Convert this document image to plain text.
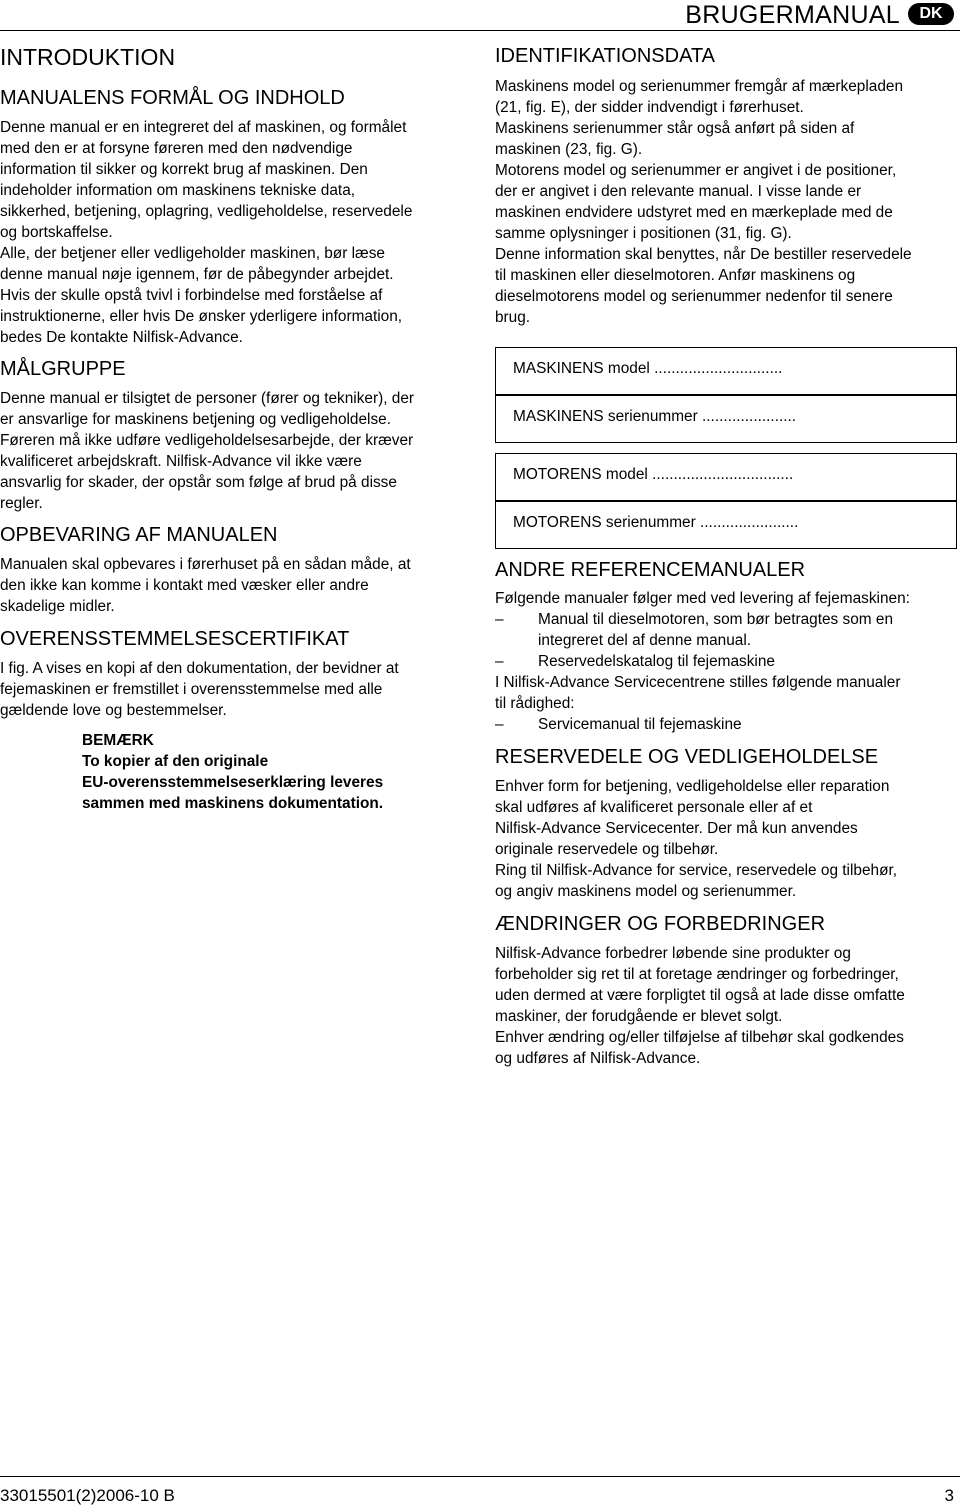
BRUGERMANUAL	DK
INTRODUKTION
MANUALENS FORMÅL OG INDHOLD
Denne manual er en integreret del af maskinen, og formålet
med den er at forsyne føreren med den nødvendige
information til sikker og korrekt brug af maskinen. Den
indeholder information om maskinens tekniske data,
sikkerhed, betjening, oplagring, vedligeholdelse, reservedele
og bortskaffelse.
Alle, der betjener eller vedligeholder maskinen, bør læse
denne manual nøje igennem, før de påbegynder arbejdet.
Hvis der skulle opstå tvivl i forbindelse med forståelse af
instruktionerne, eller hvis De ønsker yderligere information,
bedes De kontakte Nilfisk-Advance.
MÅLGRUPPE
Denne manual er tilsigtet de personer (fører og tekniker), der
er ansvarlige for maskinens betjening og vedligeholdelse.
Føreren må ikke udføre vedligeholdelsesarbejde, der kræver
kvalificeret arbejdskraft. Nilfisk-Advance vil ikke være
ansvarlig for skader, der opstår som følge af brud på disse
regler.
OPBEVARING AF MANUALEN
Manualen skal opbevares i førerhuset på en sådan måde, at
den ikke kan komme i kontakt med væsker eller andre
skadelige midler.
OVERENSSTEMMELSESCERTIFIKAT
I fig. A vises en kopi af den dokumentation, der bevidner at
fejemaskinen er fremstillet i overensstemmelse med alle
gældende love og bestemmelser.
BEMÆRK
To kopier af den originale
EU-overensstemmelseserklæring leveres
sammen med maskinens dokumentation.
IDENTIFIKATIONSDATA
Maskinens model og serienummer fremgår af mærkepladen
(21, fig. E), der sidder indvendigt i førerhuset.
Maskinens serienummer står også anført på siden af
maskinen (23, fig. G).
Motorens model og serienummer er angivet i de positioner,
der er angivet i den relevante manual. I visse lande er
maskinen endvidere udstyret med en mærkeplade med de
samme oplysninger i positionen (31, fig. G).
Denne information skal benyttes, når De bestiller reservedele
til maskinen eller dieselmotoren. Anfør maskinens og
dieselmotorens model og serienummer nedenfor til senere
brug.
MASKINENS model ..............................
MASKINENS serienummer ......................
MOTORENS model .................................
MOTORENS serienummer .......................
ANDRE REFERENCEMANUALER
Følgende manualer følger med ved levering af fejemaskinen:
– Manual til dieselmotoren, som bør betragtes som en
integreret del af denne manual.
– Reservedelskatalog til fejemaskine
I Nilfisk-Advance Servicecentrene stilles følgende manualer
til rådighed:
– Servicemanual til fejemaskine
RESERVEDELE OG VEDLIGEHOLDELSE
Enhver form for betjening, vedligeholdelse eller reparation
skal udføres af kvalificeret personale eller af et
Nilfisk-Advance Servicecenter. Der må kun anvendes
originale reservedele og tilbehør.
Ring til Nilfisk-Advance for service, reservedele og tilbehør,
og angiv maskinens model og serienummer.
ÆNDRINGER OG FORBEDRINGER
Nilfisk-Advance forbedrer løbende sine produkter og
forbeholder sig ret til at foretage ændringer og forbedringer,
uden dermed at være forpligtet til også at lade disse omfatte
maskiner, der forudgående er blevet solgt.
Enhver ændring og/eller tilføjelse af tilbehør skal godkendes
og udføres af Nilfisk-Advance.
33015501(2)2006-10 B	3
